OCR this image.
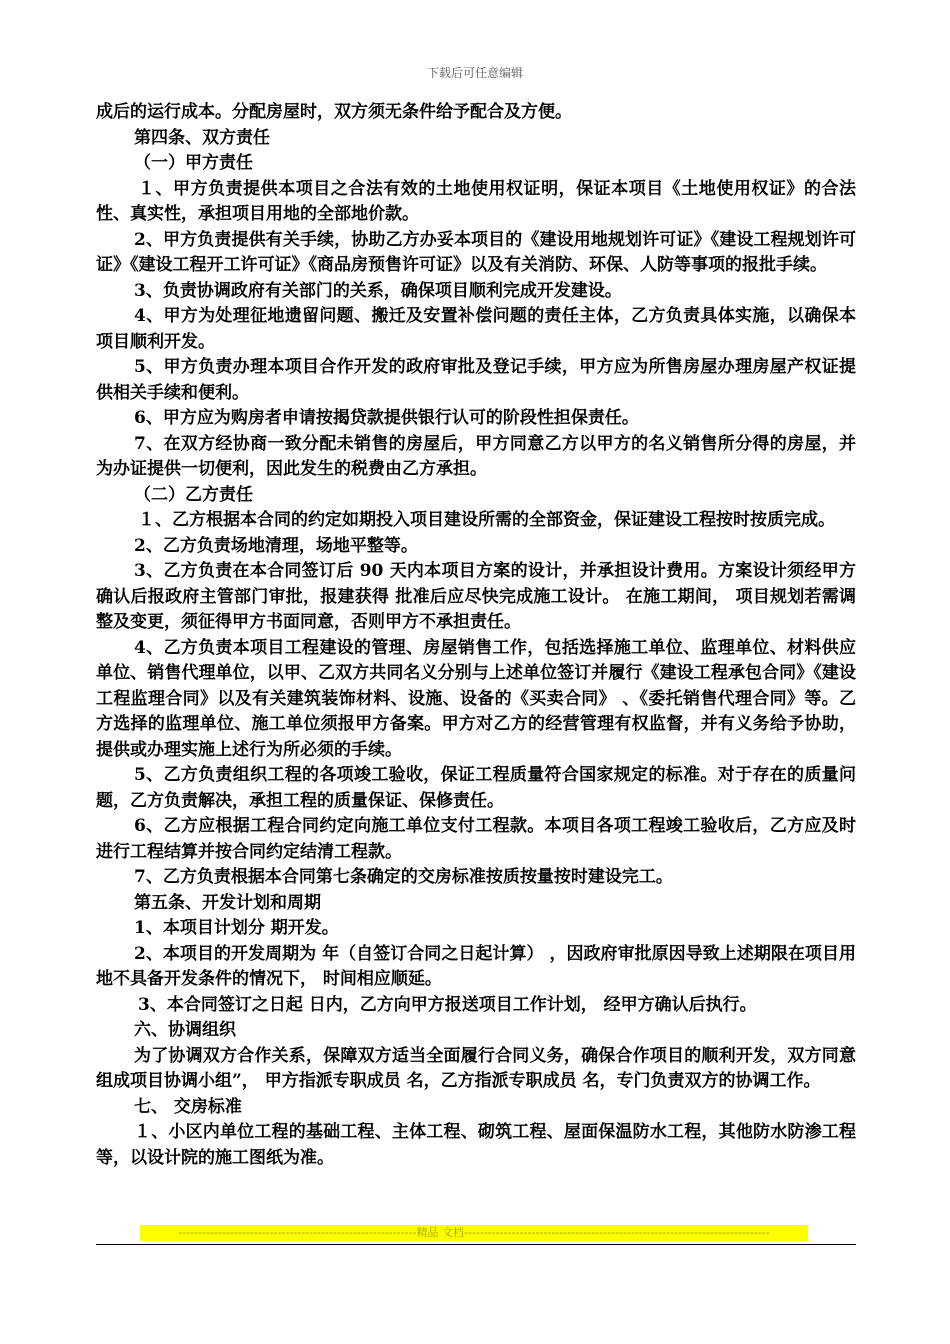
下载后可任意编辑

成后的运行成本。分配房屋时，双方须无条件给予配合及方便。

第四条、双方责任

（一）甲方责任

１、甲方负责提供本项目之合法有效的土地使用权证明，保证本项目《土地使用权证》的合法性、真实性，承担项目用地的全部地价款。

2、甲方负责提供有关手续，协助乙方办妥本项目的《建设用地规划许可证》《建设工程规划许可证》《建设工程开工许可证》《商品房预售许可证》以及有关消防、环保、人防等事项的报批手续。

3、负责协调政府有关部门的关系，确保项目顺利完成开发建设。

4、甲方为处理征地遗留问题、搬迁及安置补偿问题的责任主体，乙方负责具体实施，以确保本项目顺利开发。

5、甲方负责办理本项目合作开发的政府审批及登记手续，甲方应为所售房屋办理房屋产权证提供相关手续和便利。

6、甲方应为购房者申请按揭贷款提供银行认可的阶段性担保责任。

7、在双方经协商一致分配未销售的房屋后，甲方同意乙方以甲方的名义销售所分得的房屋，并为办证提供一切便利，因此发生的税费由乙方承担。

（二）乙方责任

１、乙方根据本合同的约定如期投入项目建设所需的全部资金，保证建设工程按时按质完成。

2、乙方负责场地清理，场地平整等。

3、乙方负责在本合同签订后 90 天内本项目方案的设计，并承担设计费用。方案设计须经甲方确认后报政府主管部门审批，报建获得 批准后应尽快完成施工设计。 在施工期间， 项目规划若需调整及变更，须征得甲方书面同意，否则甲方不承担责任。

4、乙方负责本项目工程建设的管理、房屋销售工作，包括选择施工单位、监理单位、材料供应单位、销售代理单位，以甲、乙双方共同名义分别与上述单位签订并履行《建设工程承包合同》《建设工程监理合同》以及有关建筑装饰材料、设施、设备的《买卖合同》 、《委托销售代理合同》等。乙方选择的监理单位、施工单位须报甲方备案。甲方对乙方的经营管理有权监督，并有义务给予协助，提供或办理实施上述行为所必须的手续。

5、乙方负责组织工程的各项竣工验收，保证工程质量符合国家规定的标准。对于存在的质量问题，乙方负责解决，承担工程的质量保证、保修责任。

6、乙方应根据工程合同约定向施工单位支付工程款。本项目各项工程竣工验收后，乙方应及时进行工程结算并按合同约定结清工程款。

7、乙方负责根据本合同第七条确定的交房标准按质按量按时建设完工。

第五条、开发计划和周期

1、本项目计划分 期开发。

2、本项目的开发周期为 年（自签订合同之日起计算） ，因政府审批原因导致上述期限在项目用地不具备开发条件的情况下， 时间相应顺延。

3、本合同签订之日起 日内，乙方向甲方报送项目工作计划， 经甲方确认后执行。

六、协调组织

为了协调双方合作关系，保障双方适当全面履行合同义务，确保合作项目的顺利开发，双方同意组成项目协调小组”， 甲方指派专职成员 名，乙方指派专职成员 名，专门负责双方的协调工作。

七、 交房标准

１、小区内单位工程的基础工程、主体工程、砌筑工程、屋面保温防水工程，其他防水防渗工程等，以设计院的施工图纸为准。

------------------------------------------------------------精品 文档-----------------------------------------------------------------------------
